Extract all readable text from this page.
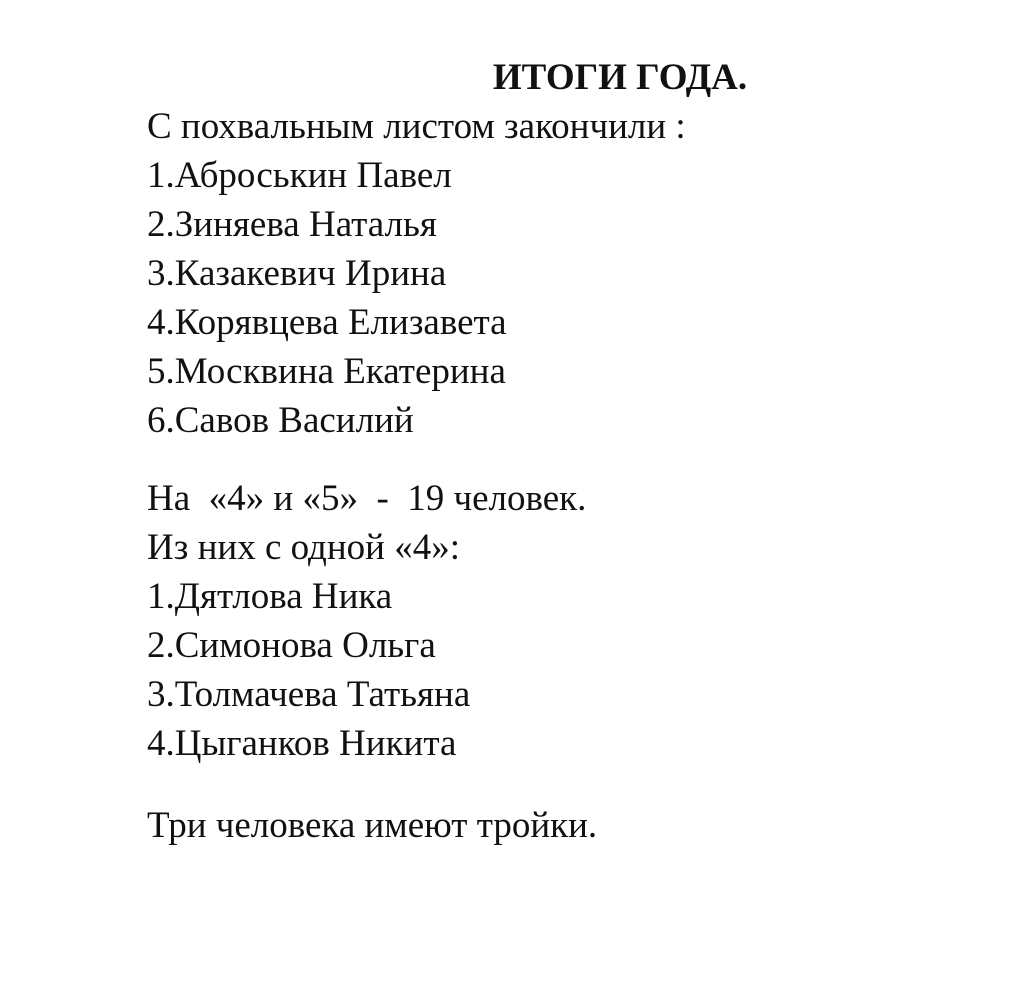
ИТОГИ ГОДА.
С похвальным листом закончили :
1.Аброськин Павел
2.Зиняева Наталья
3.Казакевич Ирина
4.Корявцева Елизавета
5.Москвина Екатерина
6.Савов Василий
На  «4» и «5»  -  19 человек.
Из них с одной «4»:
1.Дятлова Ника
2.Симонова Ольга
3.Толмачева Татьяна
4.Цыганков Никита
Три человека имеют тройки.
